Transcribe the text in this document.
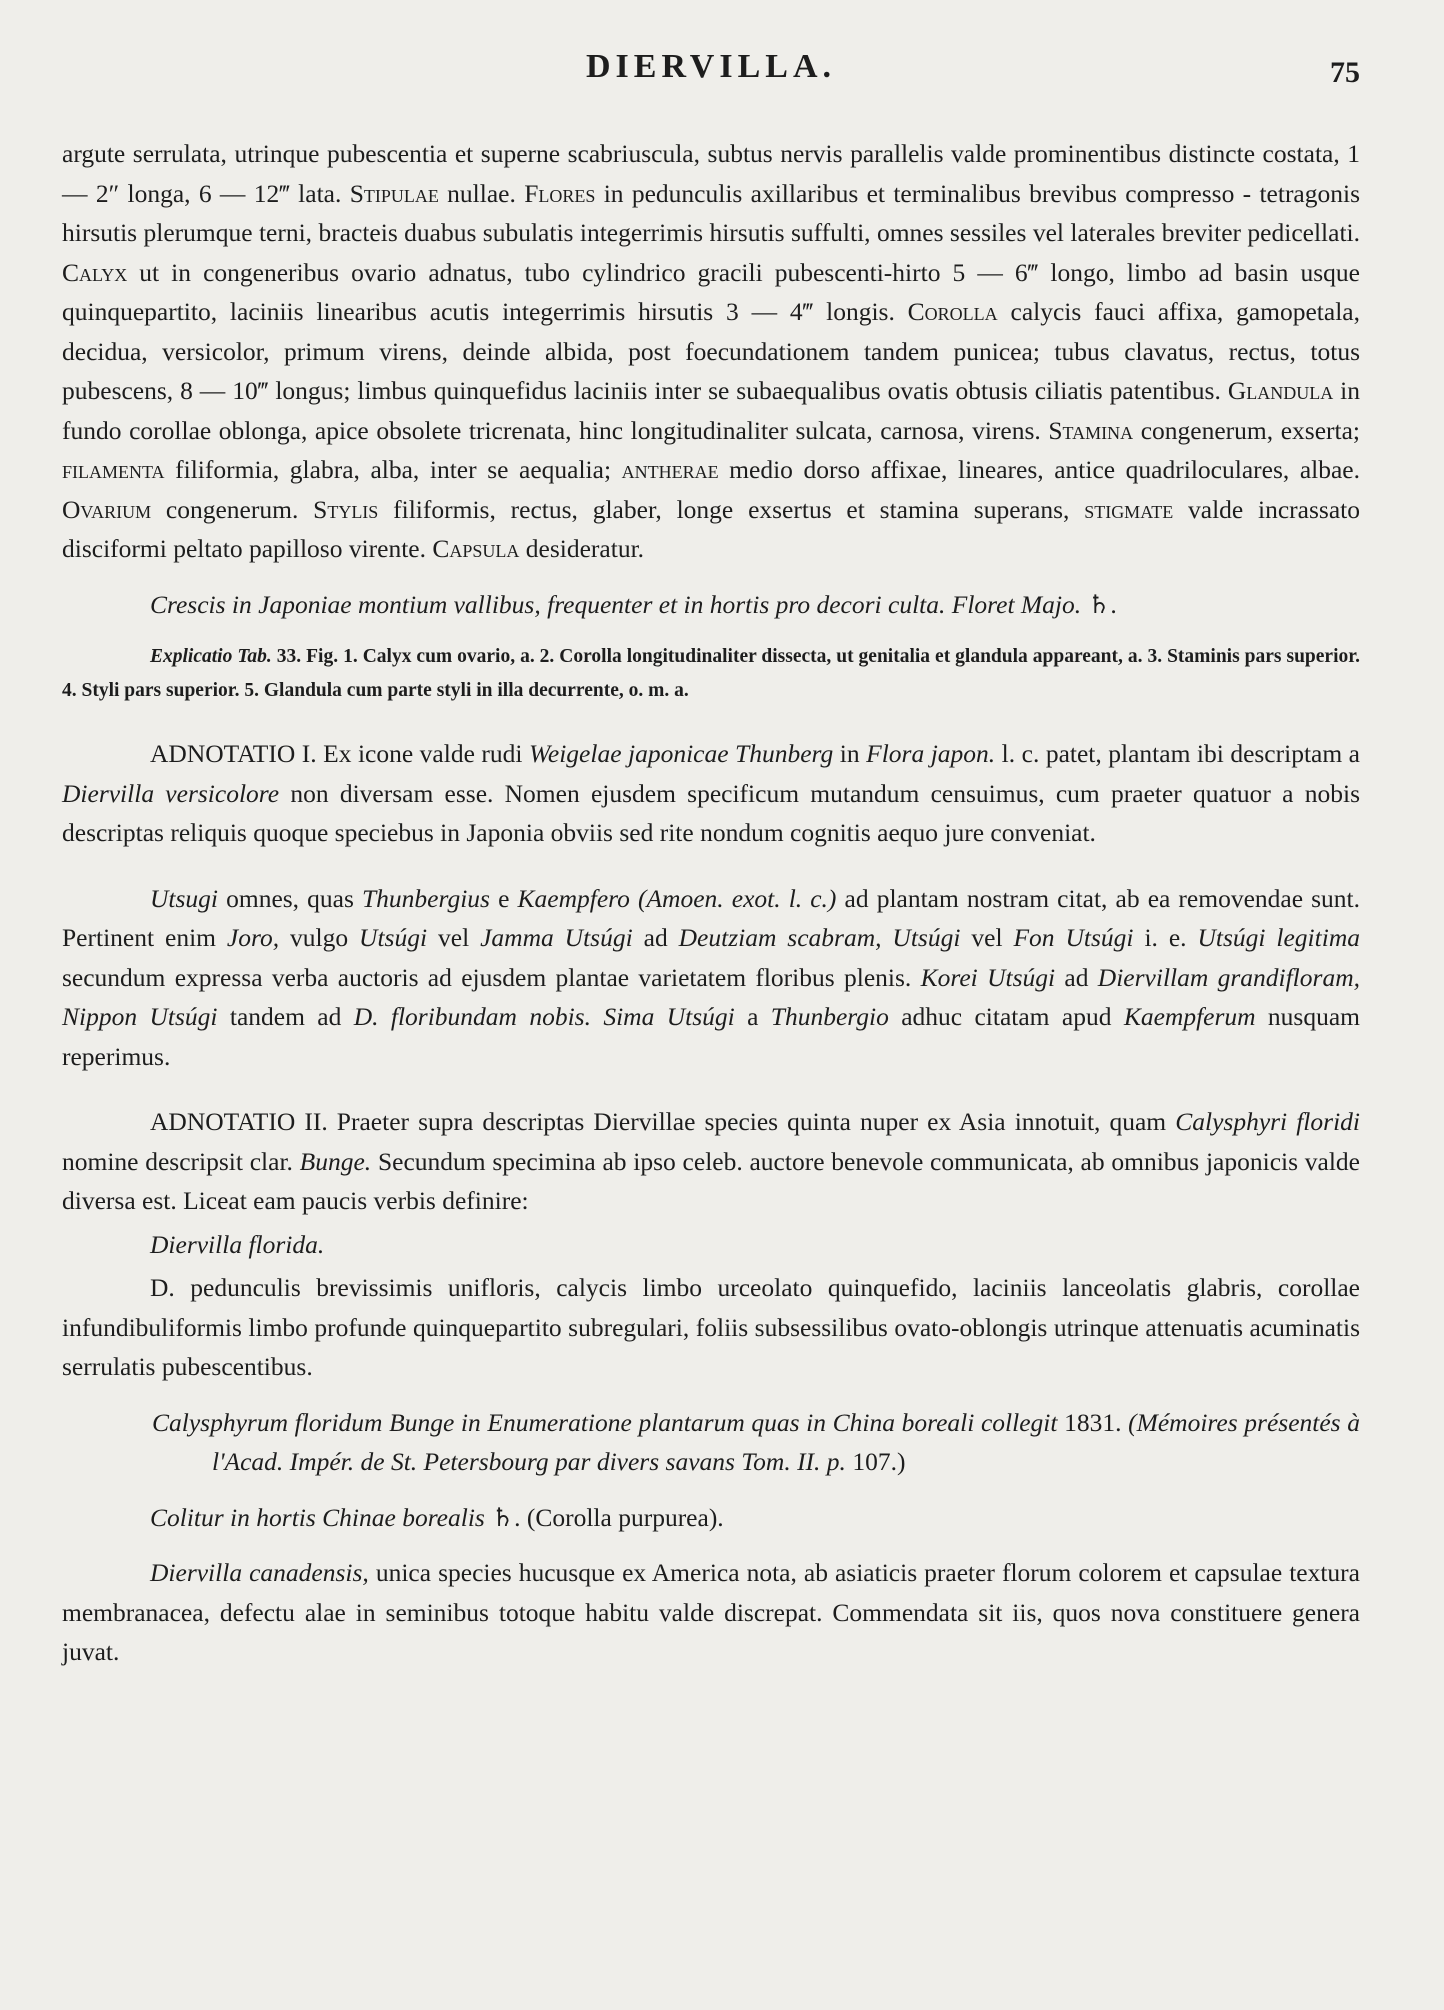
DIERVILLA.	75

argute serrulata, utrinque pubescentia et superne scabriuscula, subtus nervis parallelis valde prominentibus distincte costata, 1 — 2″ longa, 6 — 12‴ lata. Stipulae nullae. Flores in pedunculis axillaribus et terminalibus brevibus compresso - tetragonis hirsutis plerumque terni, bracteis duabus subulatis integerrimis hirsutis suffulti, omnes sessiles vel laterales breviter pedicellati. Calyx ut in congeneribus ovario adnatus, tubo cylindrico gracili pubescenti-hirto 5 — 6‴ longo, limbo ad basin usque quinquepartito, laciniis linearibus acutis integerrimis hirsutis 3 — 4‴ longis. Corolla calycis fauci affixa, gamopetala, decidua, versicolor, primum virens, deinde albida, post foecundationem tandem punicea; tubus clavatus, rectus, totus pubescens, 8 — 10‴ longus; limbus quinquefidus laciniis inter se subaequalibus ovatis obtusis ciliatis patentibus. Glandula in fundo corollae oblonga, apice obsolete tricrenata, hinc longitudinaliter sulcata, carnosa, virens. Stamina congenerum, exserta; filamenta filiformia, glabra, alba, inter se aequalia; antherae medio dorso affixae, lineares, antice quadriloculares, albae. Ovarium congenerum. Stylis filiformis, rectus, glaber, longe exsertus et stamina superans, stigmate valde incrassato disciformi peltato papilloso virente. Capsula desideratur.

Crescis in Japoniae montium vallibus, frequenter et in hortis pro decori culta. Floret Majo. ♄.

Explicatio Tab. 33. Fig. 1. Calyx cum ovario, a. 2. Corolla longitudinaliter dissecta, ut genitalia et glandula appareant, a. 3. Staminis pars superior. 4. Styli pars superior. 5. Glandula cum parte styli in illa decurrente, o. m. a.

ADNOTATIO I. Ex icone valde rudi Weigelae japonicae Thunberg in Flora japon. l. c. patet, plantam ibi descriptam a Diervilla versicolore non diversam esse. Nomen ejusdem specificum mutandum censuimus, cum praeter quatuor a nobis descriptas reliquis quoque speciebus in Japonia obviis sed rite nondum cognitis aequo jure conveniat.

Utsugi omnes, quas Thunbergius e Kaempfero (Amoen. exot. l. c.) ad plantam nostram citat, ab ea removendae sunt. Pertinent enim Joro, vulgo Utsúgi vel Jamma Utsúgi ad Deutziam scabram, Utsúgi vel Fon Utsúgi i. e. Utsúgi legitima secundum expressa verba auctoris ad ejusdem plantae varietatem floribus plenis. Korei Utsúgi ad Diervillam grandifloram, Nippon Utsúgi tandem ad D. floribundam nobis. Sima Utsúgi a Thunbergio adhuc citatam apud Kaempferum nusquam reperimus.

ADNOTATIO II. Praeter supra descriptas Diervillae species quinta nuper ex Asia innotuit, quam Calysphyri floridi nomine descripsit clar. Bunge. Secundum specimina ab ipso celeb. auctore benevole communicata, ab omnibus japonicis valde diversa est. Liceat eam paucis verbis definire:

Diervilla florida.

D. pedunculis brevissimis unifloris, calycis limbo urceolato quinquefido, laciniis lanceolatis glabris, corollae infundibuliformis limbo profunde quinquepartito subregulari, foliis subsessilibus ovato-oblongis utrinque attenuatis acuminatis serrulatis pubescentibus.

Calysphyrum floridum Bunge in Enumeratione plantarum quas in China boreali collegit 1831. (Mémoires présentés à l'Acad. Impér. de St. Petersbourg par divers savans Tom. II. p. 107.)

Colitur in hortis Chinae borealis ♄. (Corolla purpurea).

Diervilla canadensis, unica species hucusque ex America nota, ab asiaticis praeter florum colorem et capsulae textura membranacea, defectu alae in seminibus totoque habitu valde discrepat. Commendata sit iis, quos nova constituere genera juvat.
